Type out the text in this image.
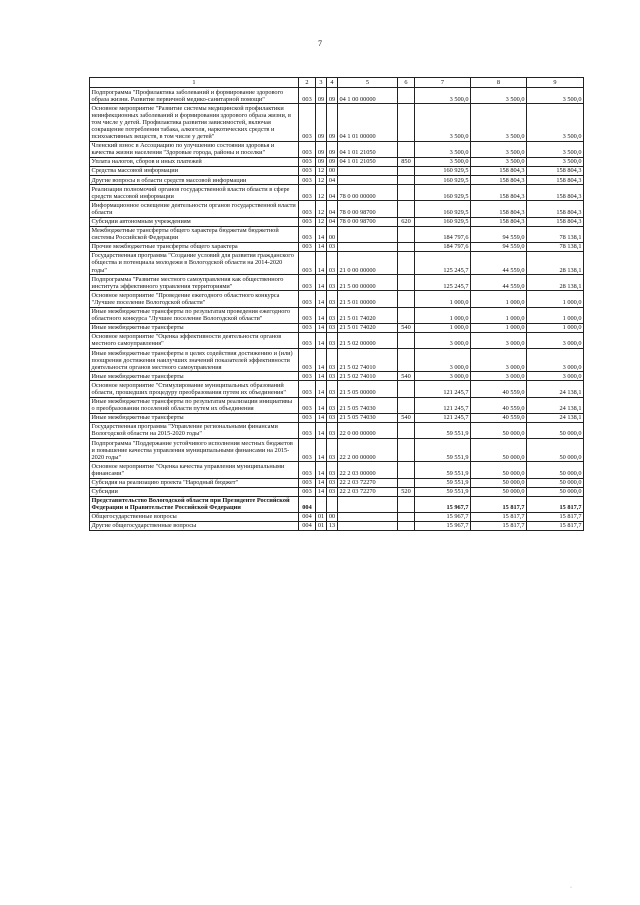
7
1	2	3	4	5	6	7	8	9
Подпрограмма "Профилактика заболеваний и формирование здорового образа жизни. Развитие первичной медико-санитарной помощи"	003	09	09	04 1 00 00000		3 500,0	3 500,0	3 500,0
Основное мероприятие "Развитие системы медицинской профилактики неинфекционных заболеваний и формирования здорового образа жизни, в том числе у детей. Профилактика развития зависимостей, включая сокращение потребления табака, алкоголя, наркотических средств и психоактивных веществ, в том числе у детей"	003	09	09	04 1 01 00000		3 500,0	3 500,0	3 500,0
Членский взнос в Ассоциацию по улучшению состояния здоровья и качества жизни населения "Здоровые города, районы и поселки"	003	09	09	04 1 01 21050		3 500,0	3 500,0	3 500,0
Уплата налогов, сборов и иных платежей	003	09	09	04 1 01 21050	850	3 500,0	3 500,0	3 500,0
Средства массовой информации	003	12	00			160 929,5	158 804,3	158 804,3
Другие вопросы в области средств массовой информации	003	12	04			160 929,5	158 804,3	158 804,3
Реализация полномочий органов государственной власти области в сфере средств массовой информации	003	12	04	78 0 00 00000		160 929,5	158 804,3	158 804,3
Информационное освещение деятельности органов государственной власти области	003	12	04	78 0 00 98700		160 929,5	158 804,3	158 804,3
Субсидии автономным учреждениям	003	12	04	78 0 00 98700	620	160 929,5	158 804,3	158 804,3
Межбюджетные трансферты общего характера бюджетам бюджетной системы Российской Федерации	003	14	00			184 797,6	94 559,0	78 138,1
Прочие межбюджетные трансферты общего характера	003	14	03			184 797,6	94 559,0	78 138,1
Государственная программа "Создание условий для развития гражданского общества и потенциала молодежи в Вологодской области на 2014-2020 годы"	003	14	03	21 0 00 00000		125 245,7	44 559,0	28 138,1
Подпрограмма "Развитие местного самоуправления как общественного института эффективного управления территориями"	003	14	03	21 5 00 00000		125 245,7	44 559,0	28 138,1
Основное мероприятие "Проведение ежегодного областного конкурса "Лучшее поселение Вологодской области"	003	14	03	21 5 01 00000		1 000,0	1 000,0	1 000,0
Иные межбюджетные трансферты по результатам проведения ежегодного областного конкурса "Лучшее поселение Вологодской области"	003	14	03	21 5 01 74020		1 000,0	1 000,0	1 000,0
Иные межбюджетные трансферты	003	14	03	21 5 01 74020	540	1 000,0	1 000,0	1 000,0
Основное мероприятие "Оценка эффективности деятельности органов местного самоуправления"	003	14	03	21 5 02 00000		3 000,0	3 000,0	3 000,0
Иные межбюджетные трансферты в целях содействия достижению и (или) поощрения достижения наилучших значений показателей эффективности деятельности органов местного самоуправления	003	14	03	21 5 02 74010		3 000,0	3 000,0	3 000,0
Иные межбюджетные трансферты	003	14	03	21 5 02 74010	540	3 000,0	3 000,0	3 000,0
Основное мероприятие "Стимулирование муниципальных образований области, прошедших процедуру преобразования путем их объединения"	003	14	03	21 5 05 00000		121 245,7	40 559,0	24 138,1
Иные межбюджетные трансферты по результатам реализации инициативы о преобразовании поселений области путем их объединения	003	14	03	21 5 05 74030		121 245,7	40 559,0	24 138,1
Иные межбюджетные трансферты	003	14	03	21 5 05 74030	540	121 245,7	40 559,0	24 138,1
Государственная программа "Управление региональными финансами Вологодской области на 2015-2020 годы"	003	14	03	22 0 00 00000		59 551,9	50 000,0	50 000,0
Подпрограмма "Поддержание устойчивого исполнения местных бюджетов и повышение качества управления муниципальными финансами на 2015-2020 годы"	003	14	03	22 2 00 00000		59 551,9	50 000,0	50 000,0
Основное мероприятие "Оценка качества управления муниципальными финансами"	003	14	03	22 2 03 00000		59 551,9	50 000,0	50 000,0
Субсидия на реализацию проекта "Народный бюджет"	003	14	03	22 2 03 72270		59 551,9	50 000,0	50 000,0
Субсидии	003	14	03	22 2 03 72270	520	59 551,9	50 000,0	50 000,0
Представительство Вологодской области при Президенте Российской Федерации и Правительстве Российской Федерации	004					15 967,7	15 817,7	15 817,7
Общегосударственные вопросы	004	01	00			15 967,7	15 817,7	15 817,7
Другие общегосударственные вопросы	004	01	13			15 967,7	15 817,7	15 817,7
·
